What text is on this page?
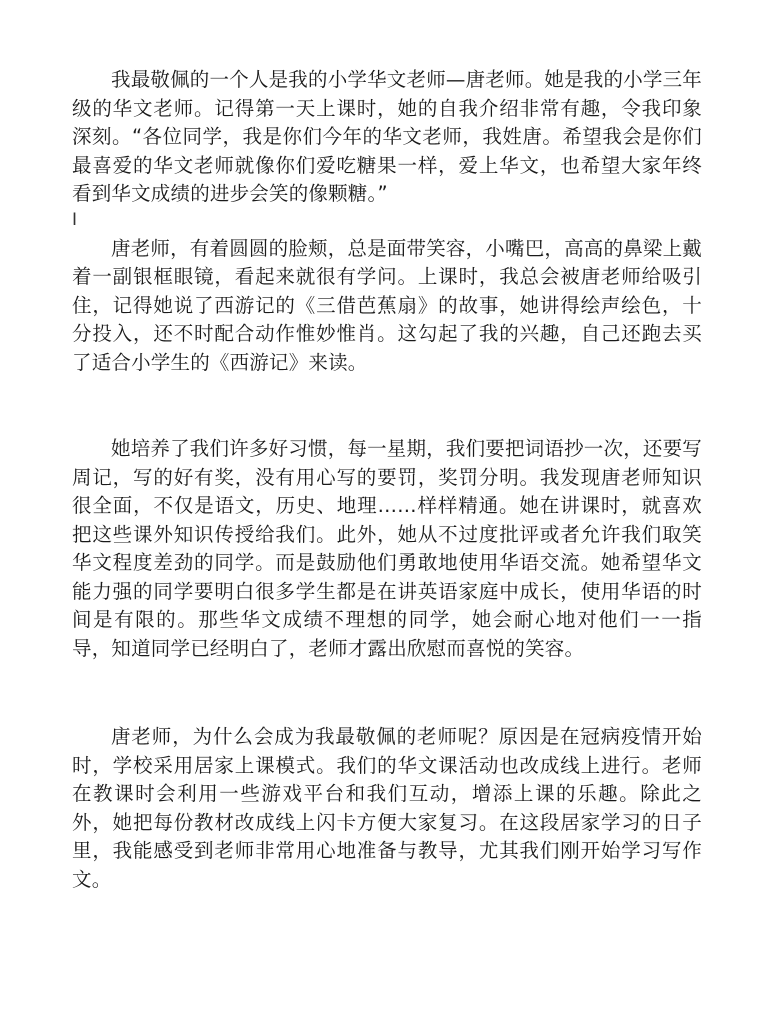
我最敬佩的一个人是我的小学华文老师—唐老师。她是我的小学三年级的华文老师。记得第一天上课时，她的自我介绍非常有趣，令我印象深刻。“各位同学，我是你们今年的华文老师，我姓唐。希望我会是你们最喜爱的华文老师就像你们爱吃糖果一样，爱上华文，也希望大家年终看到华文成绩的进步会笑的像颗糖。”

I

唐老师，有着圆圆的脸颊，总是面带笑容，小嘴巴，高高的鼻梁上戴着一副银框眼镜，看起来就很有学问。上课时，我总会被唐老师给吸引住，记得她说了西游记的《三借芭蕉扇》的故事，她讲得绘声绘色，十分投入，还不时配合动作惟妙惟肖。这勾起了我的兴趣，自己还跑去买了适合小学生的《西游记》来读。

她培养了我们许多好习惯，每一星期，我们要把词语抄一次，还要写周记，写的好有奖，没有用心写的要罚，奖罚分明。我发现唐老师知识很全面，不仅是语文，历史、地理……样样精通。她在讲课时，就喜欢把这些课外知识传授给我们。此外，她从不过度批评或者允许我们取笑华文程度差劲的同学。而是鼓励他们勇敢地使用华语交流。她希望华文能力强的同学要明白很多学生都是在讲英语家庭中成长，使用华语的时间是有限的。那些华文成绩不理想的同学，她会耐心地对他们一一指导，知道同学已经明白了，老师才露出欣慰而喜悦的笑容。

唐老师，为什么会成为我最敬佩的老师呢？原因是在冠病疫情开始时，学校采用居家上课模式。我们的华文课活动也改成线上进行。老师在教课时会利用一些游戏平台和我们互动，增添上课的乐趣。除此之外，她把每份教材改成线上闪卡方便大家复习。在这段居家学习的日子里，我能感受到老师非常用心地准备与教导，尤其我们刚开始学习写作文。
